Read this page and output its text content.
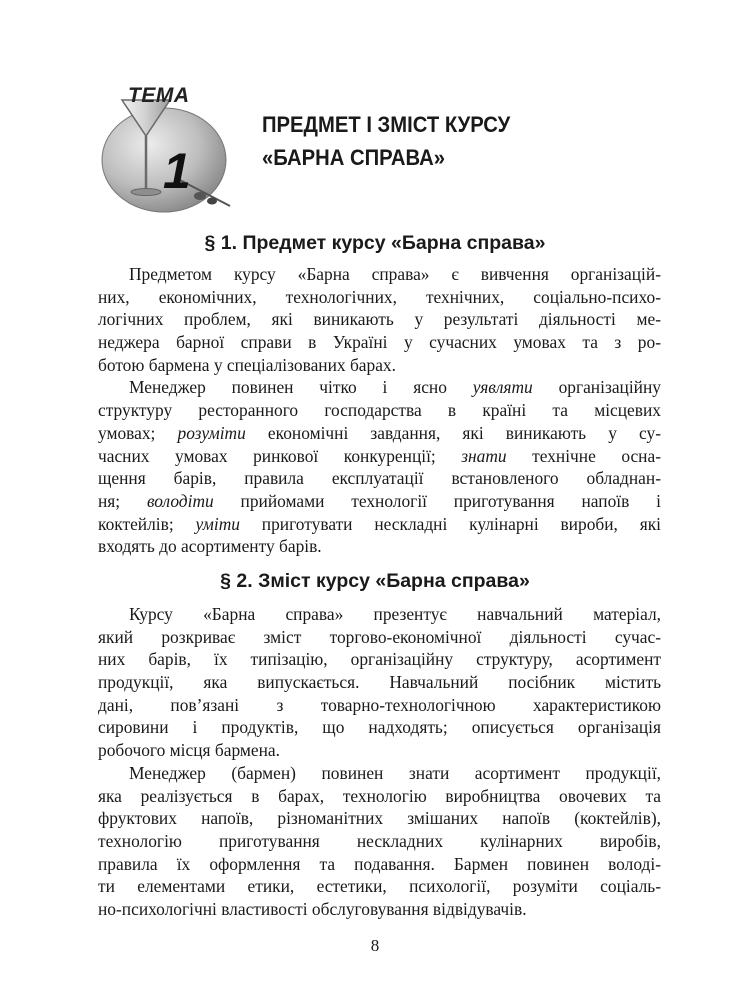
ТЕМА
1
ПРЕДМЕТ І ЗМІСТ КУРСУ
«БАРНА СПРАВА»
§ 1. Предмет курсу «Барна справа»

Предметом курсу «Барна справа» є вивчення організацій-
них, економічних, технологічних, технічних, соціально-психо-
логічних проблем, які виникають у результаті діяльності ме-
неджера барної справи в Україні у сучасних умовах та з ро-
ботою бармена у спеціалізованих барах.

Менеджер повинен чітко і ясно уявляти організаційну
структуру ресторанного господарства в країні та місцевих
умовах; розуміти економічні завдання, які виникають у су-
часних умовах ринкової конкуренції; знати технічне осна-
щення барів, правила експлуатації встановленого обладнан-
ня; володіти прийомами технології приготування напоїв і
коктейлів; уміти приготувати нескладні кулінарні вироби, які
входять до асортименту барів.

§ 2. Зміст курсу «Барна справа»

Курсу «Барна справа» презентує навчальний матеріал,
який розкриває зміст торгово-економічної діяльності сучас-
них барів, їх типізацію, організаційну структуру, асортимент
продукції, яка випускається. Навчальний посібник містить
дані, пов’язані з товарно-технологічною характеристикою
сировини і продуктів, що надходять; описується організація
робочого місця бармена.

Менеджер (бармен) повинен знати асортимент продукції,
яка реалізується в барах, технологію виробництва овочевих та
фруктових напоїв, різноманітних змішаних напоїв (коктейлів),
технологію приготування нескладних кулінарних виробів,
правила їх оформлення та подавання. Бармен повинен володі-
ти елементами етики, естетики, психології, розуміти соціаль-
но-психологічні властивості обслуговування відвідувачів.

8
